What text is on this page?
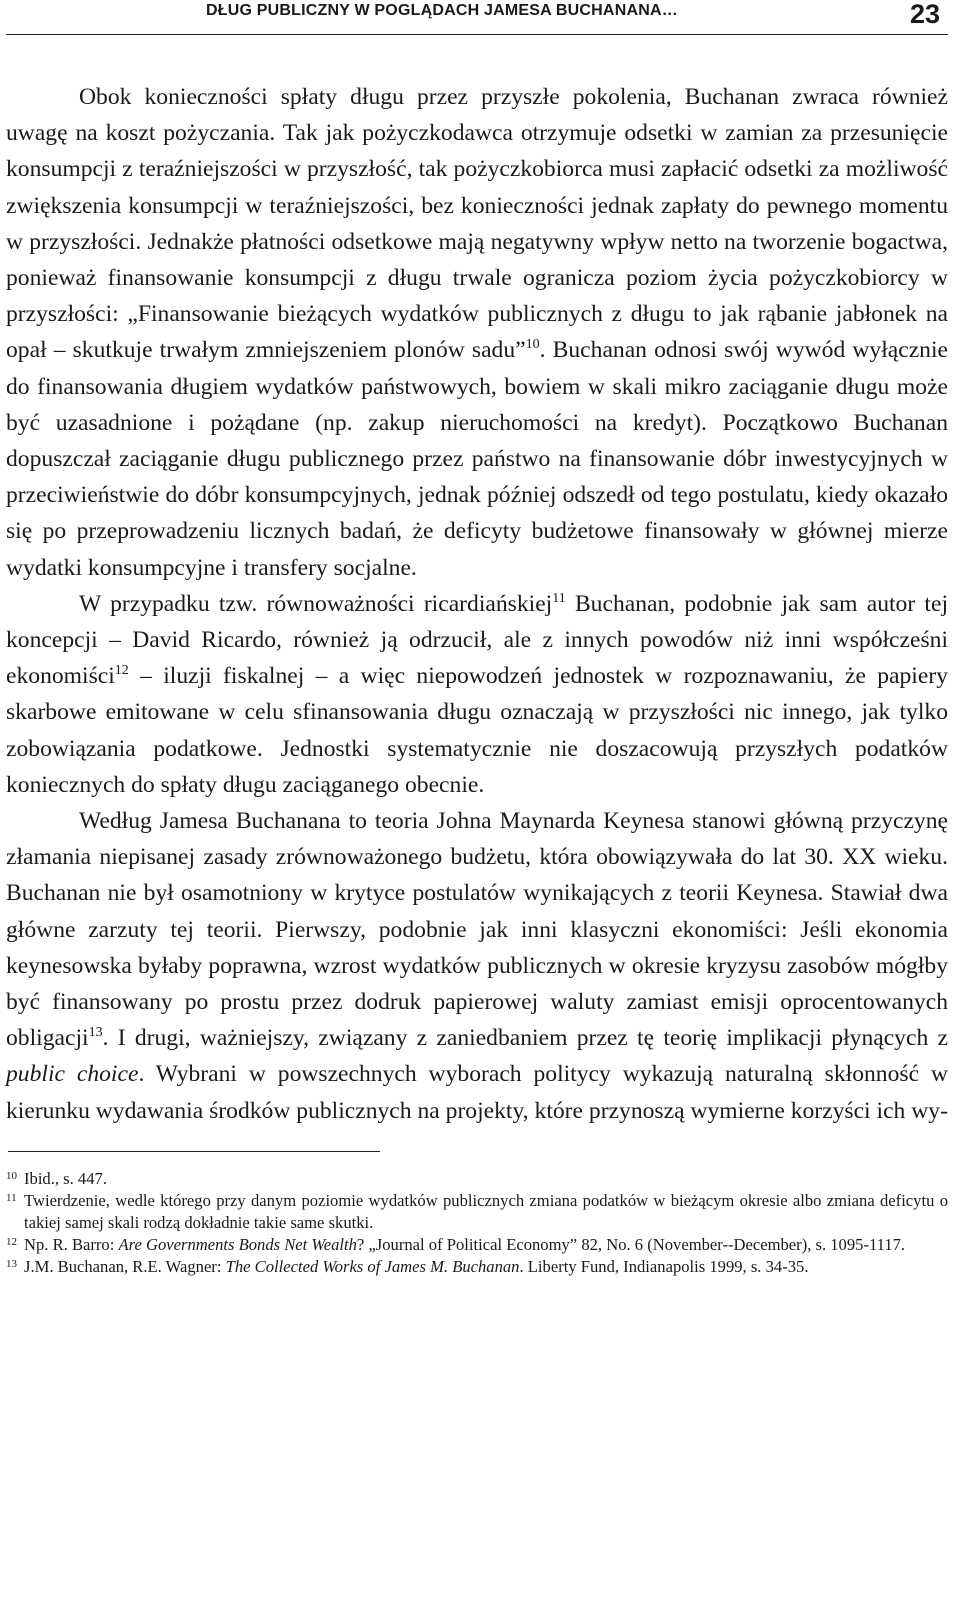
DŁUG PUBLICZNY W POGLĄDACH JAMESA BUCHANANA…	23

Obok konieczności spłaty długu przez przyszłe pokolenia, Buchanan zwraca również uwagę na koszt pożyczania. Tak jak pożyczkodawca otrzymuje odsetki w zamian za przesunięcie konsumpcji z teraźniejszości w przyszłość, tak pożyczkobiorca musi zapłacić odsetki za możliwość zwiększenia konsumpcji w teraźniejszości, bez konieczności jednak zapłaty do pewnego momentu w przyszłości. Jednakże płatności odsetkowe mają negatywny wpływ netto na tworzenie bogactwa, ponieważ finansowanie konsumpcji z długu trwale ogranicza poziom życia pożyczkobiorcy w przyszłości: „Finansowanie bieżących wydatków publicznych z długu to jak rąbanie jabłonek na opał – skutkuje trwałym zmniejszeniem plonów sadu”$^{10}$. Buchanan odnosi swój wywód wyłącznie do finansowania długiem wydatków państwowych, bowiem w skali mikro zaciąganie długu może być uzasadnione i pożądane (np. zakup nieruchomości na kredyt). Początkowo Buchanan dopuszczał zaciąganie długu publicznego przez państwo na finansowanie dóbr inwestycyjnych w przeciwieństwie do dóbr konsumpcyjnych, jednak później odszedł od tego postulatu, kiedy okazało się po przeprowadzeniu licznych badań, że deficyty budżetowe finansowały w głównej mierze wydatki konsumpcyjne i transfery socjalne.

W przypadku tzw. równoważności ricardiańskiej$^{11}$ Buchanan, podobnie jak sam autor tej koncepcji – David Ricardo, również ją odrzucił, ale z innych powodów niż inni współcześni ekonomiści$^{12}$ – iluzji fiskalnej – a więc niepowodzeń jednostek w rozpoznawaniu, że papiery skarbowe emitowane w celu sfinansowania długu oznaczają w przyszłości nic innego, jak tylko zobowiązania podatkowe. Jednostki systematycznie nie doszacowują przyszłych podatków koniecznych do spłaty długu zaciąganego obecnie.

Według Jamesa Buchanana to teoria Johna Maynarda Keynesa stanowi główną przyczynę złamania niepisanej zasady zrównoważonego budżetu, która obowiązywała do lat 30. XX wieku. Buchanan nie był osamotniony w krytyce postulatów wynikających z teorii Keynesa. Stawiał dwa główne zarzuty tej teorii. Pierwszy, podobnie jak inni klasyczni ekonomiści: Jeśli ekonomia keynesowska byłaby poprawna, wzrost wydatków publicznych w okresie kryzysu zasobów mógłby być finansowany po prostu przez dodruk papierowej waluty zamiast emisji oprocentowanych obligacji$^{13}$. I drugi, ważniejszy, związany z zaniedbaniem przez tę teorię implikacji płynących z public choice. Wybrani w powszechnych wyborach politycy wykazują naturalną skłonność w kierunku wydawania środków publicznych na projekty, które przynoszą wymierne korzyści ich wy-

10 Ibid., s. 447.
11 Twierdzenie, wedle którego przy danym poziomie wydatków publicznych zmiana podatków w bieżącym okresie albo zmiana deficytu o takiej samej skali rodzą dokładnie takie same skutki.
12 Np. R. Barro: Are Governments Bonds Net Wealth? „Journal of Political Economy” 82, No. 6 (November-‑December), s. 1095-1117.
13 J.M. Buchanan, R.E. Wagner: The Collected Works of James M. Buchanan. Liberty Fund, Indianapolis 1999, s. 34-35.
